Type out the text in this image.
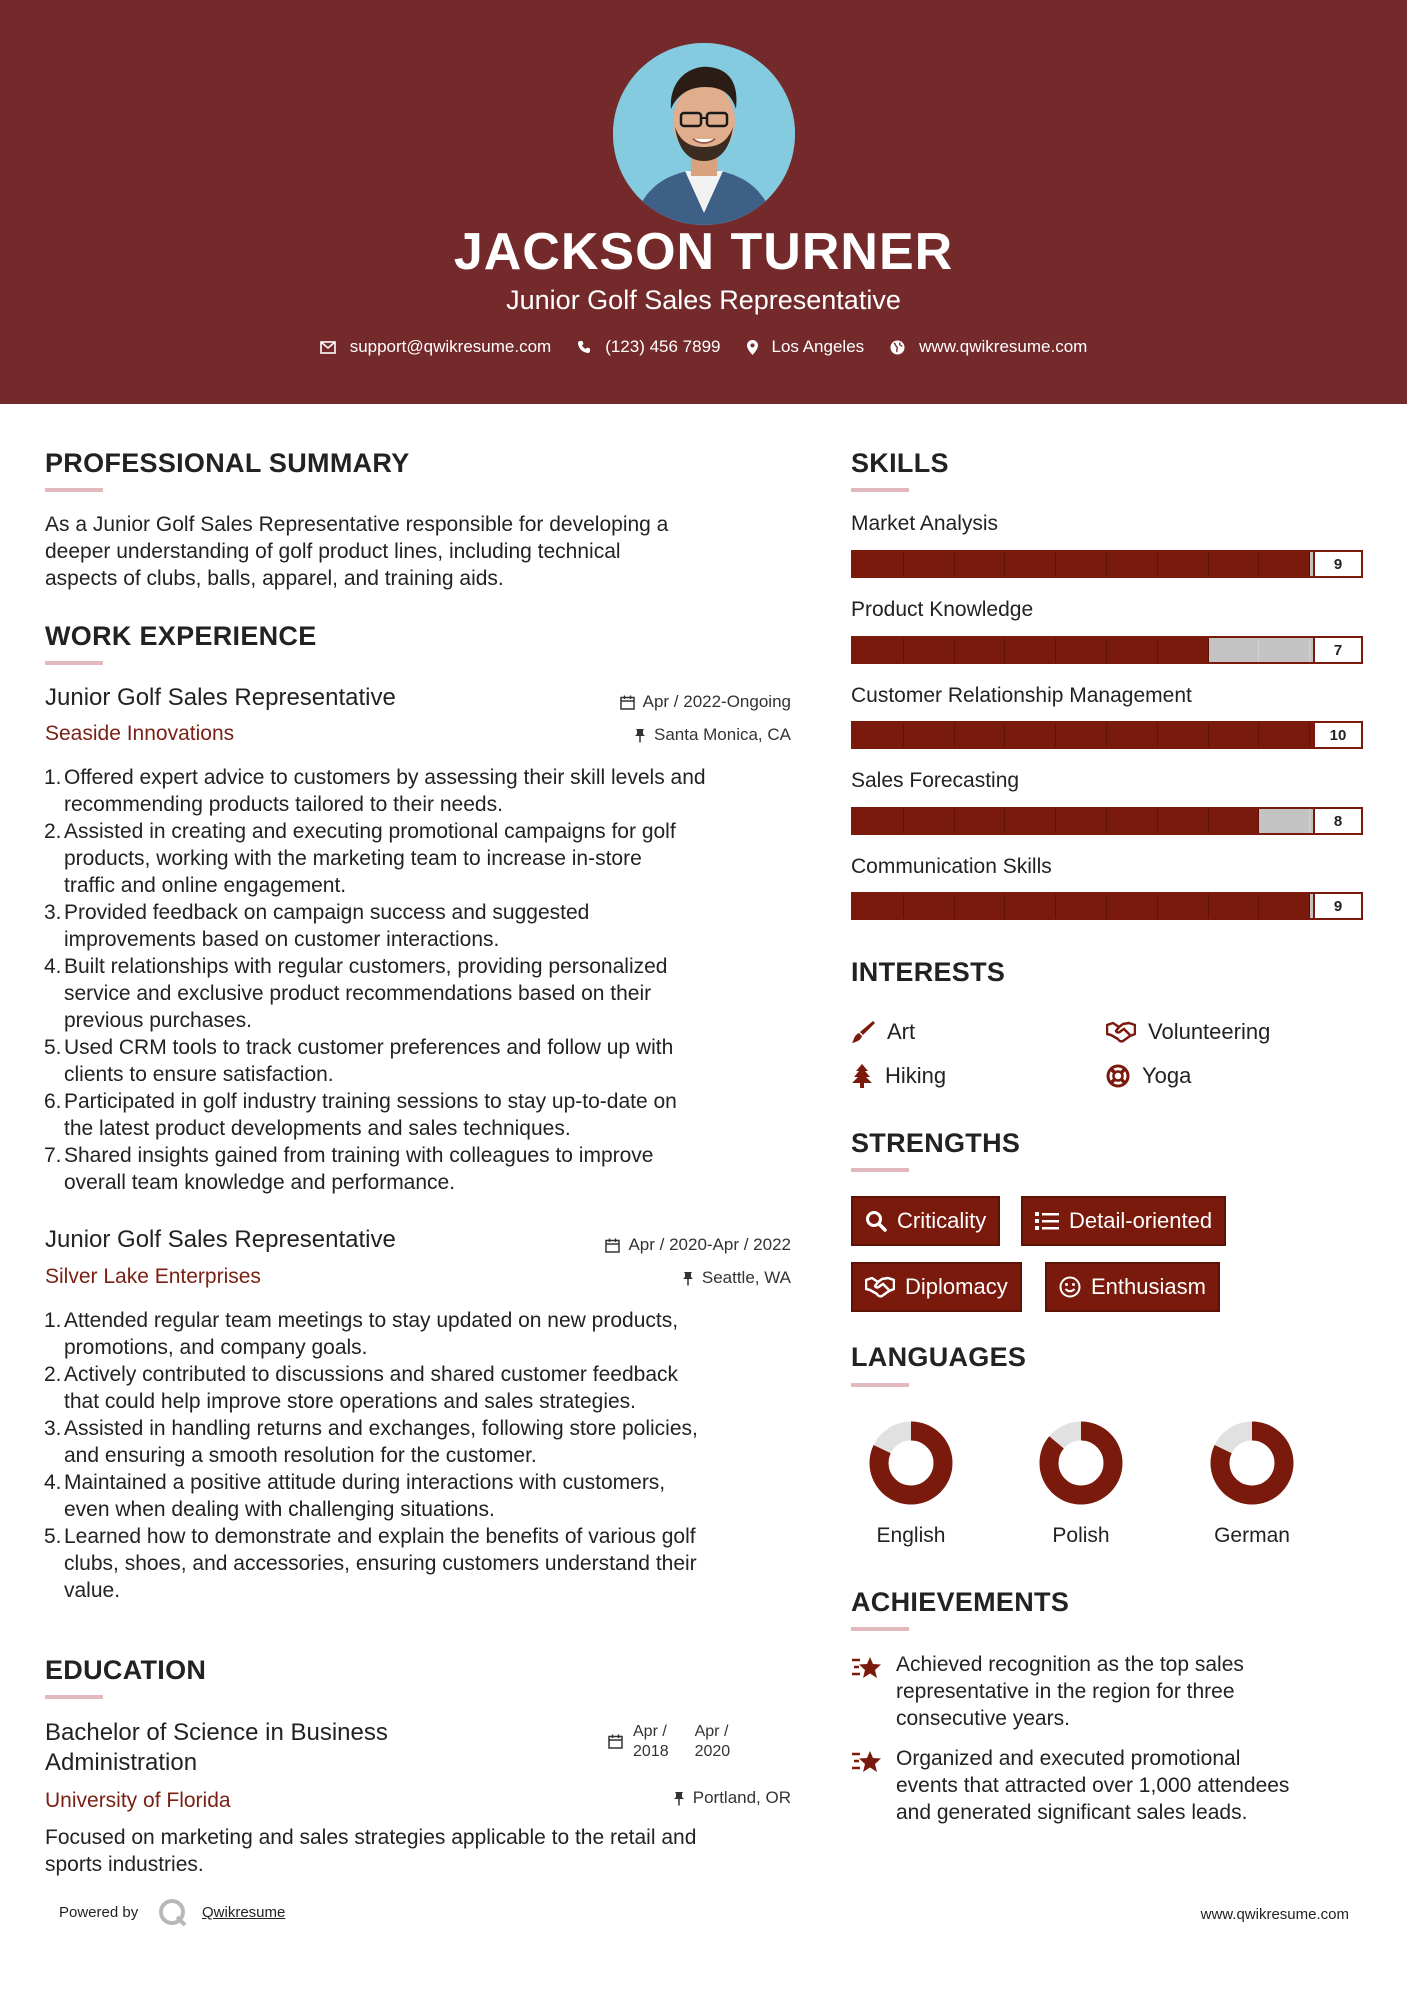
JACKSON TURNER
Junior Golf Sales Representative
support@qwikresume.com	(123) 456 7899	Los Angeles	www.qwikresume.com
PROFESSIONAL SUMMARY
As a Junior Golf Sales Representative responsible for developing a
deeper understanding of golf product lines, including technical
aspects of clubs, balls, apparel, and training aids.
WORK EXPERIENCE
Junior Golf Sales Representative
Seaside Innovations
Apr / 2022-Ongoing
Santa Monica, CA
1. Offered expert advice to customers by assessing their skill levels and
recommending products tailored to their needs.
2. Assisted in creating and executing promotional campaigns for golf
products, working with the marketing team to increase in-store
traffic and online engagement.
3. Provided feedback on campaign success and suggested
improvements based on customer interactions.
4. Built relationships with regular customers, providing personalized
service and exclusive product recommendations based on their
previous purchases.
5. Used CRM tools to track customer preferences and follow up with
clients to ensure satisfaction.
6. Participated in golf industry training sessions to stay up-to-date on
the latest product developments and sales techniques.
7. Shared insights gained from training with colleagues to improve
overall team knowledge and performance.
Junior Golf Sales Representative
Silver Lake Enterprises
Apr / 2020-Apr / 2022
Seattle, WA
1. Attended regular team meetings to stay updated on new products,
promotions, and company goals.
2. Actively contributed to discussions and shared customer feedback
that could help improve store operations and sales strategies.
3. Assisted in handling returns and exchanges, following store policies,
and ensuring a smooth resolution for the customer.
4. Maintained a positive attitude during interactions with customers,
even when dealing with challenging situations.
5. Learned how to demonstrate and explain the benefits of various golf
clubs, shoes, and accessories, ensuring customers understand their
value.
EDUCATION
Bachelor of Science in Business
Administration
University of Florida
Apr /
2018
Apr /
2020
Portland, OR
Focused on marketing and sales strategies applicable to the retail and
sports industries.
SKILLS
Market Analysis
9
Product Knowledge
7
Customer Relationship Management
10
Sales Forecasting
8
Communication Skills
9
INTERESTS
Art	Volunteering
Hiking	Yoga
STRENGTHS
Criticality	Detail-oriented
Diplomacy	Enthusiasm
LANGUAGES
English	Polish	German
ACHIEVEMENTS
Achieved recognition as the top sales
representative in the region for three
consecutive years.
Organized and executed promotional
events that attracted over 1,000 attendees
and generated significant sales leads.
Powered by	Qwikresume	www.qwikresume.com
